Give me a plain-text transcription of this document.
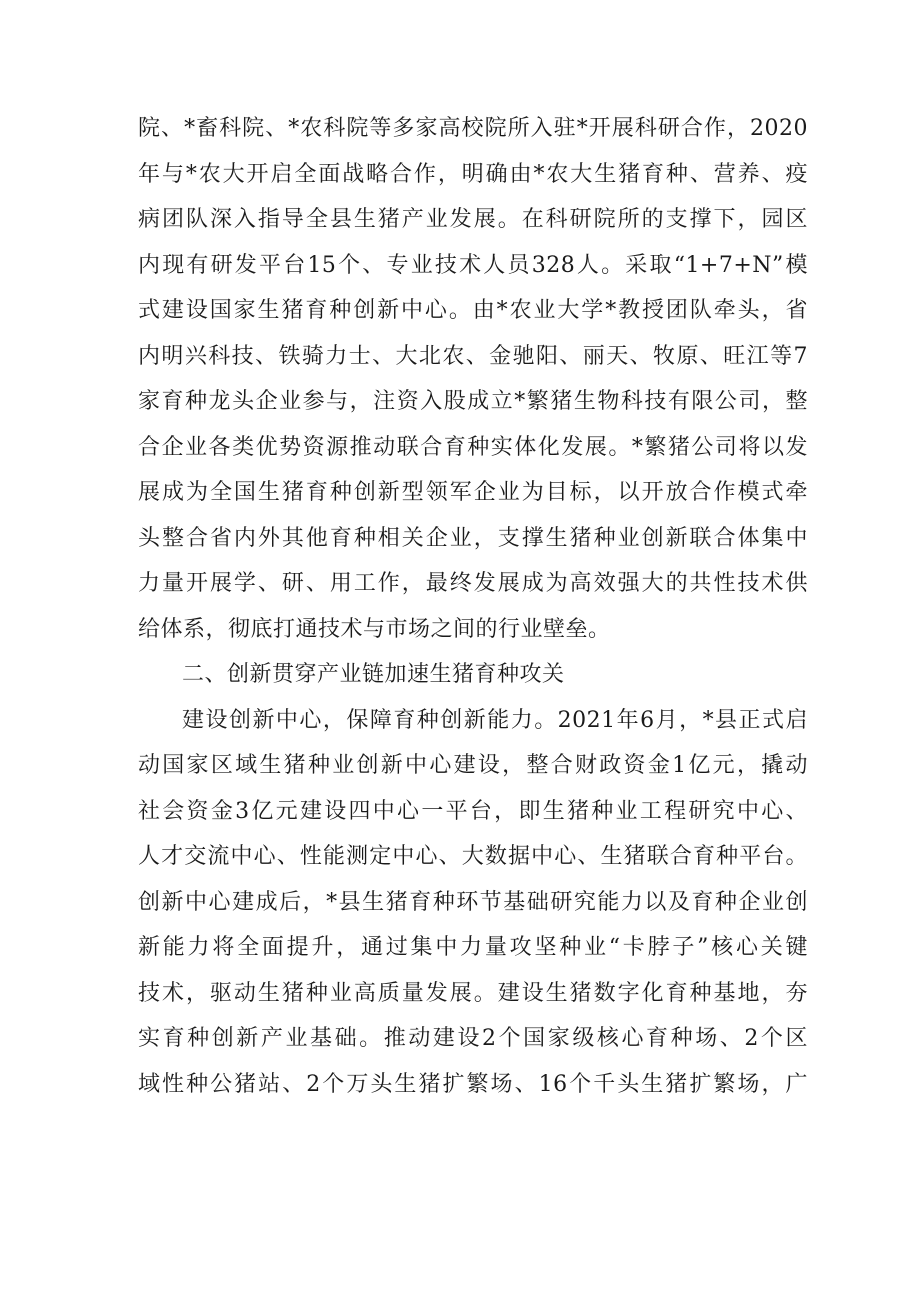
院、*畜科院、*农科院等多家高校院所入驻*开展科研合作，2020
年与*农大开启全面战略合作，明确由*农大生猪育种、营养、疫
病团队深入指导全县生猪产业发展。在科研院所的支撑下，园区
内现有研发平台15个、专业技术人员328人。采取“1+7+N”模
式建设国家生猪育种创新中心。由*农业大学*教授团队牵头，省
内明兴科技、铁骑力士、大北农、金驰阳、丽天、牧原、旺江等7
家育种龙头企业参与，注资入股成立*繁猪生物科技有限公司，整
合企业各类优势资源推动联合育种实体化发展。*繁猪公司将以发
展成为全国生猪育种创新型领军企业为目标，以开放合作模式牵
头整合省内外其他育种相关企业，支撑生猪种业创新联合体集中
力量开展学、研、用工作，最终发展成为高效强大的共性技术供
给体系，彻底打通技术与市场之间的行业壁垒。
二、创新贯穿产业链加速生猪育种攻关
建设创新中心，保障育种创新能力。2021年6月，*县正式启
动国家区域生猪种业创新中心建设，整合财政资金1亿元，撬动
社会资金3亿元建设四中心一平台，即生猪种业工程研究中心、
人才交流中心、性能测定中心、大数据中心、生猪联合育种平台。
创新中心建成后，*县生猪育种环节基础研究能力以及育种企业创
新能力将全面提升，通过集中力量攻坚种业“卡脖子”核心关键
技术，驱动生猪种业高质量发展。建设生猪数字化育种基地，夯
实育种创新产业基础。推动建设2个国家级核心育种场、2个区
域性种公猪站、2个万头生猪扩繁场、16个千头生猪扩繁场，广
